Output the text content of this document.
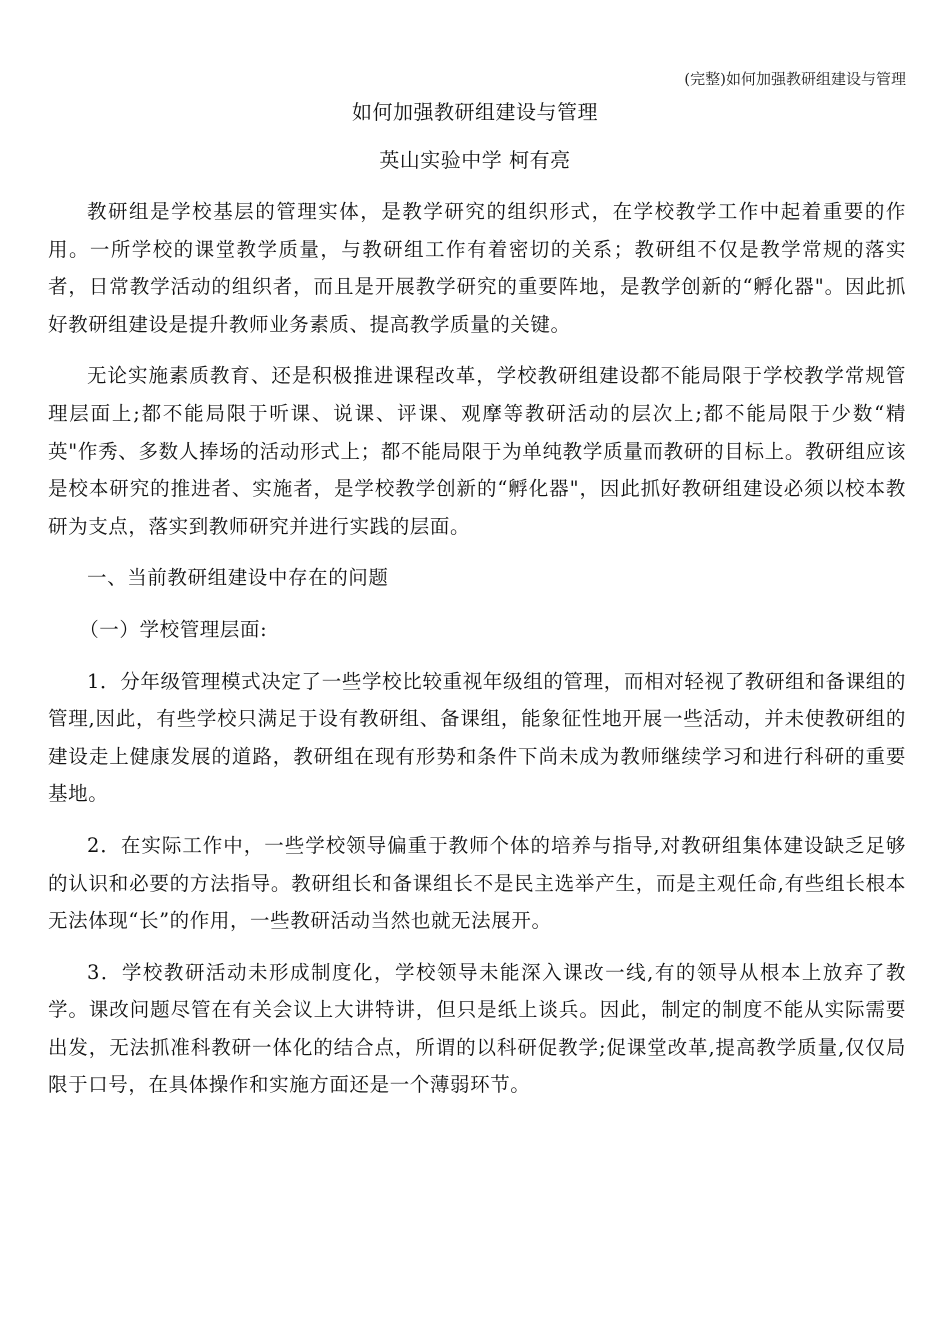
(完整)如何加强教研组建设与管理
如何加强教研组建设与管理
英山实验中学 柯有亮

教研组是学校基层的管理实体，是教学研究的组织形式，在学校教学工作中起着重要的作用。一所学校的课堂教学质量，与教研组工作有着密切的关系；教研组不仅是教学常规的落实者，日常教学活动的组织者，而且是开展教学研究的重要阵地，是教学创新的“孵化器"。因此抓好教研组建设是提升教师业务素质、提高教学质量的关键。

无论实施素质教育、还是积极推进课程改革，学校教研组建设都不能局限于学校教学常规管理层面上;都不能局限于听课、说课、评课、观摩等教研活动的层次上;都不能局限于少数“精英"作秀、多数人捧场的活动形式上；都不能局限于为单纯教学质量而教研的目标上。教研组应该是校本研究的推进者、实施者，是学校教学创新的“孵化器"，因此抓好教研组建设必须以校本教研为支点，落实到教师研究并进行实践的层面。

一、当前教研组建设中存在的问题

（一）学校管理层面:

1．分年级管理模式决定了一些学校比较重视年级组的管理，而相对轻视了教研组和备课组的管理,因此，有些学校只满足于设有教研组、备课组，能象征性地开展一些活动，并未使教研组的建设走上健康发展的道路，教研组在现有形势和条件下尚未成为教师继续学习和进行科研的重要基地。

2．在实际工作中，一些学校领导偏重于教师个体的培养与指导,对教研组集体建设缺乏足够的认识和必要的方法指导。教研组长和备课组长不是民主选举产生，而是主观任命,有些组长根本无法体现“长”的作用，一些教研活动当然也就无法展开。

3．学校教研活动未形成制度化，学校领导未能深入课改一线,有的领导从根本上放弃了教学。课改问题尽管在有关会议上大讲特讲，但只是纸上谈兵。因此，制定的制度不能从实际需要出发，无法抓准科教研一体化的结合点，所谓的以科研促教学;促课堂改革,提高教学质量,仅仅局限于口号，在具体操作和实施方面还是一个薄弱环节。
